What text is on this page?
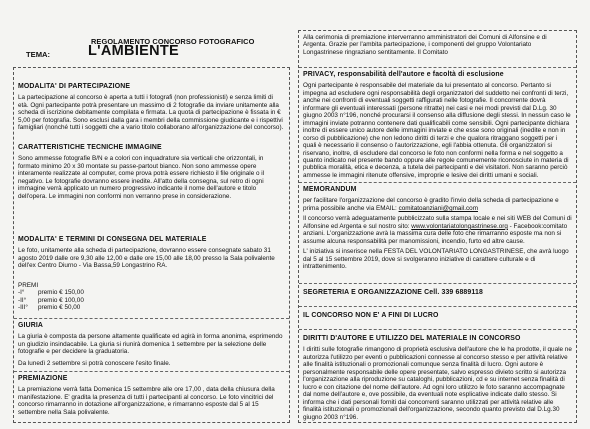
REGOLAMENTO CONCORSO FOTOGRAFICO
TEMA:	L'AMBIENTE
MODALITA' DI PARTECIPAZIONE

La partecipazione al concorso è aperta a tutti i fotografi (non professionisti) e senza limiti di età. Ogni partecipante potrà presentare un massimo di 2 fotografie da inviare unitamente alla scheda di iscrizione debitamente compilata e firmata. La quota di partecipazione è fissata in € 5,00 per fotografia. Sono esclusi dalla gara i membri della commissione giudicante e i rispettivi famigliari (nonché tutti i soggetti che a vario titolo collaborano all'organizzazione del concorso).

CARATTERISTICHE TECNICHE IMMAGINE

Sono ammesse fotografie B/N e a colori con inquadrature sia verticali che orizzontali, in formato minimo 20 x 30 montate su passe-partout bianco. Non sono ammesse opere interamente realizzate al computer, come prova potrà essere richiesto il file originale o il negativo. Le fotografie dovranno essere inedite. All'atto della consegna, sul retro di ogni immagine verrà applicato un numero progressivo indicante il nome dell'autore e titolo dell'opera. Le immagini non conformi non verranno prese in considerazione.

MODALITA' E TERMINI DI CONSEGNA DEL MATERIALE

Le foto, unitamente alla scheda di partecipazione, dovranno essere consegnate sabato 31 agosto 2019 dalle ore 9,30 alle 12,00 e dalle ore 15,00 alle 18,00 presso la Sala polivalente dell'ex Centro Diurno - Via Bassa,59 Longastrino RA.

PREMI

-I°	premio € 150,00
-II°	premio € 100,00
-III°	premio € 50,00
GIURIA

La giuria è composta da persone altamente qualificate ed agirà in forma anonima, esprimendo un giudizio insindacabile. La giuria si riunirà domenica 1 settembre per la selezione delle fotografie e per decidere la graduatoria.

Da lunedì 2 settembre si potrà conoscere l'esito finale.

PREMIAZIONE

La premiazione verrà fatta Domenica 15 settembre alle ore 17,00 , data della chiusura della manifestazione. E' gradita la presenza di tutti i partecipanti al concorso. Le foto vincitrici del concorso rimarranno in dotazione all'organizzazione, e rimarranno esposte dal 5 al 15 settembre nella Sala polivalente.

Alla cerimonia di premiazione interverranno amministratori dei Comuni di Alfonsine e di Argenta. Grazie per l'ambita partecipazione, i componenti del gruppo Volontariato Longastrinese ringraziano sentitamente. Il Comitato

PRIVACY, responsabilità dell'autore e facoltà di esclusione

Ogni partecipante è responsabile del materiale da lui presentato al concorso. Pertanto si impegna ad escludere ogni responsabilità degli organizzatori del suddetto nei confronti di terzi, anche nei confronti di eventuali soggetti raffigurati nelle fotografie. Il concorrente dovrà informare gli eventuali interessati (persone ritratte) nei casi e nei modi previsti dal D.Lg. 30 giugno 2003 n°196, nonché procurarsi il consenso alla diffusione degli stessi. In nessun caso le immagini inviate potranno contenere dati qualificabili come sensibili. Ogni partecipante dichiara inoltre di essere unico autore delle immagini inviate e che esse sono originali (inedite e non in corso di pubblicazione) che non ledono diritti di terzi e che qualora ritraggano soggetti per i quali è necessario il consenso o l'autorizzazione, egli l'abbia ottenuta. Gli organizzatori si riservano, inoltre, di escludere dal concorso le foto non conformi nella forma e nel soggetto a quanto indicato nel presente bando oppure alle regole comunemente riconosciute in materia di pubblica moralità, etica e decenza, a tutela dei partecipanti e dei visitatori. Non saranno perciò ammesse le immagini ritenute offensive, improprie e lesive dei diritti umani e sociali.

MEMORANDUM

per facilitare l'organizzazione del concorso è gradito l'invio della scheda di partecipazione e prima possibile anche via EMAIL: comitatoanziani@gmail.com

Il concorso verrà adeguatamente pubblicizzato sulla stampa locale e nei siti WEB del Comuni di Alfonsine ed Argenta e sul nostro sito: www.volontariatolongastrinese.org - Facebook:comitato anziani. L'organizzazione avrà la massima cura delle foto che rimarranno esposte ma non si assume alcuna responsabilità per manomissioni, incendio, furto ed altre cause.

L' iniziativa si inserisce nella FESTA DEL VOLONTARIATO LONGASTRINESE, che avrà luogo dal 5 al 15 settembre 2019, dove si svolgeranno iniziative di carattere culturale e di intrattenimento.

SEGRETERIA E ORGANIZZAZIONE Cell. 339 6889118
IL CONCORSO NON E' A FINI DI LUCRO
DIRITTI D'AUTORE E UTILIZZO DEL MATERIALE IN CONCORSO

I diritti sulle fotografie rimangono di proprietà esclusiva dell'autore che le ha prodotte, il quale ne autorizza l'utilizzo per eventi o pubblicazioni connesse al concorso stesso e per attività relative alle finalità istituzionali o promozionali comunque senza finalità di lucro. Ogni autore è personalmente responsabile delle opere presentate, salvo espresso divieto scritto si autorizza l'organizzazione alla riproduzione su cataloghi, pubblicazioni, cd e su internet senza finalità di lucro e con citazione del nome dell'autore. Ad ogni loro utilizzo le foto saranno accompagnate dal nome dell'autore e, ove possibile, da eventuali note esplicative indicate dallo stesso. Si informa che i dati personali forniti dai concorrenti saranno utilizzati per attività relative alle finalità istituzionali o promozionali dell'organizzazione, secondo quanto previsto dal D.Lg.30 giugno 2003 n°196.
